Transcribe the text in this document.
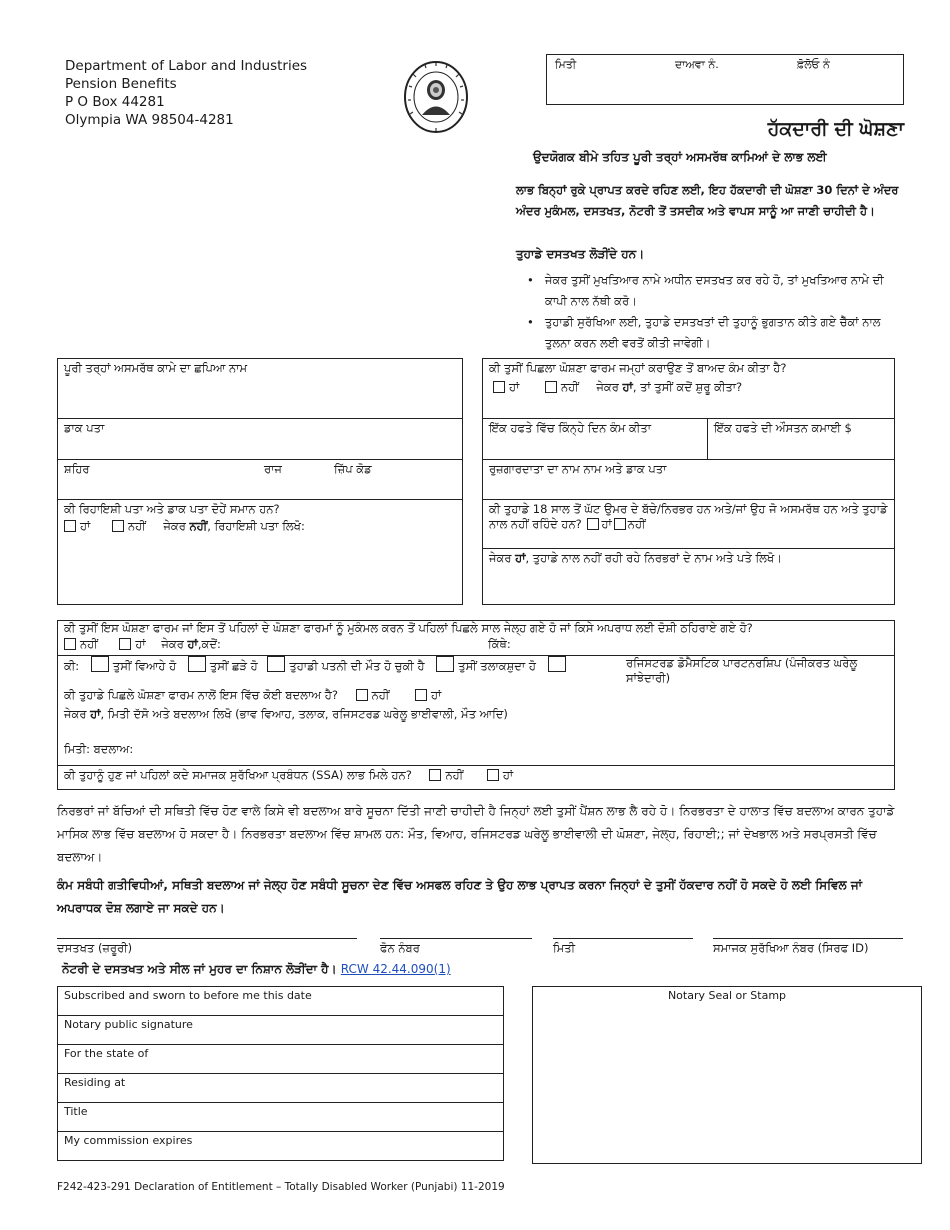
Department of Labor and Industries
Pension Benefits
P O Box 44281
Olympia WA 98504-4281
ਮਿਤੀ	ਦਾਅਵਾ ਨੰ.	ਫ਼ੋਲੋਓ ਨੰ
ਹੱਕਦਾਰੀ ਦੀ ਘੋਸ਼ਣਾ
ਉਦਯੋਗਕ ਬੀਮੇ ਤਹਿਤ ਪੂਰੀ ਤਰ੍ਹਾਂ ਅਸਮਰੱਥ ਕਾਮਿਆਂ ਦੇ ਲਾਭ ਲਈ
ਲਾਭ ਬਿਨ੍ਹਾਂ ਰੁਕੇ ਪ੍ਰਾਪਤ ਕਰਦੇ ਰਹਿਣ ਲਈ, ਇਹ ਹੱਕਦਾਰੀ ਦੀ ਘੋਸ਼ਣਾ 30 ਦਿਨਾਂ ਦੇ ਅੰਦਰ ਅੰਦਰ ਮੁਕੰਮਲ, ਦਸਤਖਤ, ਨੋਟਰੀ ਤੋਂ ਤਸਦੀਕ ਅਤੇ ਵਾਪਸ ਸਾਨੂੰ ਆ ਜਾਣੀ ਚਾਹੀਦੀ ਹੈ।
ਤੁਹਾਡੇ ਦਸਤਖਤ ਲੋੜੀਂਦੇ ਹਨ।
• ਜੇਕਰ ਤੁਸੀਂ ਮੁਖਤਿਆਰ ਨਾਮੇ ਅਧੀਨ ਦਸਤਖਤ ਕਰ ਰਹੇ ਹੋ, ਤਾਂ ਮੁਖਤਿਆਰ ਨਾਮੇ ਦੀ ਕਾਪੀ ਨਾਲ ਨੱਥੀ ਕਰੋ।
• ਤੁਹਾਡੀ ਸੁਰੱਖਿਆ ਲਈ, ਤੁਹਾਡੇ ਦਸਤਖਤਾਂ ਦੀ ਤੁਹਾਨੂੰ ਭੁਗਤਾਨ ਕੀਤੇ ਗਏ ਚੈੱਕਾਂ ਨਾਲ ਤੁਲਨਾ ਕਰਨ ਲਈ ਵਰਤੋਂ ਕੀਤੀ ਜਾਵੇਗੀ।
ਪੂਰੀ ਤਰ੍ਹਾਂ ਅਸਮਰੱਥ ਕਾਮੇ ਦਾ ਛਪਿਆ ਨਾਮ
ਡਾਕ ਪਤਾ
ਸ਼ਹਿਰ	ਰਾਜ	ਜ਼ਿੱਪ ਕੋਡ
ਕੀ ਰਿਹਾਇਸ਼ੀ ਪਤਾ ਅਤੇ ਡਾਕ ਪਤਾ ਦੋਹੇਂ ਸਮਾਨ ਹਨ?
ਹਾਂ	ਨਹੀਂ ਜੇਕਰ ਨਹੀਂ, ਰਿਹਾਇਸ਼ੀ ਪਤਾ ਲਿਖੋ:
ਕੀ ਤੁਸੀਂ ਪਿਛਲਾ ਘੋਸ਼ਣਾ ਫਾਰਮ ਜਮ੍ਹਾਂ ਕਰਾਉਣ ਤੋਂ ਬਾਅਦ ਕੰਮ ਕੀਤਾ ਹੈ?
ਹਾਂ	ਨਹੀਂ ਜੇਕਰ ਹਾਂ, ਤਾਂ ਤੁਸੀਂ ਕਦੋਂ ਸ਼ੁਰੂ ਕੀਤਾ?
ਇੱਕ ਹਫਤੇ ਵਿੱਚ ਕਿੰਨ੍ਹੇ ਦਿਨ ਕੰਮ ਕੀਤਾ	ਇੱਕ ਹਫਤੇ ਦੀ ਔਸਤਨ ਕਮਾਈ $
ਰੁਜ਼ਗਾਰਦਾਤਾ ਦਾ ਨਾਮ ਨਾਮ ਅਤੇ ਡਾਕ ਪਤਾ
ਕੀ ਤੁਹਾਡੇ 18 ਸਾਲ ਤੋਂ ਘੱਟ ਉਮਰ ਦੇ ਬੱਚੇ/ਨਿਰਭਰ ਹਨ ਅਤੇ/ਜਾਂ ਉਹ ਜੋ ਅਸਮਰੱਥ ਹਨ ਅਤੇ ਤੁਹਾਡੇ ਨਾਲ ਨਹੀਂ ਰਹਿੰਦੇ ਹਨ? ਹਾਂ ਨਹੀਂ
ਜੇਕਰ ਹਾਂ, ਤੁਹਾਡੇ ਨਾਲ ਨਹੀਂ ਰਹੀ ਰਹੇ ਨਿਰਭਰਾਂ ਦੇ ਨਾਮ ਅਤੇ ਪਤੇ ਲਿਖੋ।
ਕੀ ਤੁਸੀਂ ਇਸ ਘੋਸ਼ਣਾ ਫਾਰਮ ਜਾਂ ਇਸ ਤੋਂ ਪਹਿਲਾਂ ਦੇ ਘੋਸ਼ਣਾ ਫਾਰਮਾਂ ਨੂੰ ਮੁਕੰਮਲ ਕਰਨ ਤੋਂ ਪਹਿਲਾਂ ਪਿਛਲੇ ਸਾਲ ਜੇਲ੍ਹ ਗਏ ਹੋ ਜਾਂ ਕਿਸੇ ਅਪਰਾਧ ਲਈ ਦੋਸ਼ੀ ਠਹਿਰਾਏ ਗਏ ਹੋ?
ਨਹੀਂ	ਹਾਂ ਜੇਕਰ ਹਾਂ,ਕਦੋਂ:	ਕਿੱਥੇ:
ਕੀ:	ਤੁਸੀਂ ਵਿਆਹੇ ਹੋ	ਤੁਸੀਂ ਛੜੇ ਹੋ	ਤੁਹਾਡੀ ਪਤਨੀ ਦੀ ਮੌਤ ਹੋ ਚੁਕੀ ਹੈ	ਤੁਸੀਂ ਤਲਾਕਸ਼ੁਦਾ ਹੋ	ਰਜਿਸਟਰਡ ਡੋਮੈਸਟਿਕ ਪਾਰਟਨਰਸ਼ਿਪ (ਪੰਜੀਕਰਤ ਘਰੇਲੂ ਸਾਂਝੇਦਾਰੀ)
ਕੀ ਤੁਹਾਡੇ ਪਿਛਲੇ ਘੋਸ਼ਣਾ ਫਾਰਮ ਨਾਲੋਂ ਇਸ ਵਿੱਚ ਕੋਈ ਬਦਲਾਅ ਹੈ?	ਨਹੀਂ	ਹਾਂ
ਜੇਕਰ ਹਾਂ, ਮਿਤੀ ਦੱਸੋ ਅਤੇ ਬਦਲਾਅ ਲਿਖੋ (ਭਾਵ ਵਿਆਹ, ਤਲਾਕ, ਰਜਿਸਟਰਡ ਘਰੇਲੂ ਭਾਈਵਾਲੀ, ਮੌਤ ਆਦਿ)
ਮਿਤੀ: ਬਦਲਾਅ:
ਕੀ ਤੁਹਾਨੂੰ ਹੁਣ ਜਾਂ ਪਹਿਲਾਂ ਕਦੇ ਸਮਾਜਕ ਸੁਰੱਖਿਆ ਪ੍ਰਬੰਧਨ (SSA) ਲਾਭ ਮਿਲੇ ਹਨ?	ਨਹੀਂ	ਹਾਂ
ਨਿਰਭਰਾਂ ਜਾਂ ਬੱਚਿਆਂ ਦੀ ਸਥਿਤੀ ਵਿੱਚ ਹੋਣ ਵਾਲੇ ਕਿਸੇ ਵੀ ਬਦਲਾਅ ਬਾਰੇ ਸੂਚਨਾ ਦਿੱਤੀ ਜਾਣੀ ਚਾਹੀਦੀ ਹੈ ਜਿਨ੍ਹਾਂ ਲਈ ਤੁਸੀਂ ਪੈਂਸ਼ਨ ਲਾਭ ਲੈ ਰਹੇ ਹੋ। ਨਿਰਭਰਤਾ ਦੇ ਹਾਲਾਤ ਵਿੱਚ ਬਦਲਾਅ ਕਾਰਨ ਤੁਹਾਡੇ ਮਾਸਿਕ ਲਾਭ ਵਿੱਚ ਬਦਲਾਅ ਹੋ ਸਕਦਾ ਹੈ। ਨਿਰਭਰਤਾ ਬਦਲਾਅ ਵਿੱਚ ਸ਼ਾਮਲ ਹਨ: ਮੌਤ, ਵਿਆਹ, ਰਜਿਸਟਰਡ ਘਰੇਲੂ ਭਾਈਵਾਲੀ ਦੀ ਘੋਸ਼ਣਾ, ਜੇਲ੍ਹ, ਰਿਹਾਈ;; ਜਾਂ ਦੇਖਭਾਲ ਅਤੇ ਸਰਪ੍ਰਸਤੀ ਵਿੱਚ ਬਦਲਾਅ।
ਕੰਮ ਸਬੰਧੀ ਗਤੀਵਿਧੀਆਂ, ਸਥਿਤੀ ਬਦਲਾਅ ਜਾਂ ਜੇਲ੍ਹ ਹੋਣ ਸਬੰਧੀ ਸੂਚਨਾ ਦੇਣ ਵਿੱਚ ਅਸਫਲ ਰਹਿਣ ਤੇ ਉਹ ਲਾਭ ਪ੍ਰਾਪਤ ਕਰਨਾ ਜਿਨ੍ਹਾਂ ਦੇ ਤੁਸੀਂ ਹੱਕਦਾਰ ਨਹੀਂ ਹੋ ਸਕਦੇ ਹੋ ਲਈ ਸਿਵਿਲ ਜਾਂ ਅਪਰਾਧਕ ਦੋਸ਼ ਲਗਾਏ ਜਾ ਸਕਦੇ ਹਨ।
ਦਸਤਖਤ (ਜ਼ਰੂਰੀ)	ਫੋਨ ਨੰਬਰ	ਮਿਤੀ	ਸਮਾਜਕ ਸੁਰੱਖਿਆ ਨੰਬਰ (ਸਿਰਫ ID)
ਨੋਟਰੀ ਦੇ ਦਸਤਖਤ ਅਤੇ ਸੀਲ ਜਾਂ ਮੁਹਰ ਦਾ ਨਿਸ਼ਾਨ ਲੋੜੀਂਦਾ ਹੈ। RCW 42.44.090(1)
Subscribed and sworn to before me this date
Notary public signature
For the state of
Residing at
Title
My commission expires
Notary Seal or Stamp
F242-423-291 Declaration of Entitlement – Totally Disabled Worker (Punjabi) 11-2019
